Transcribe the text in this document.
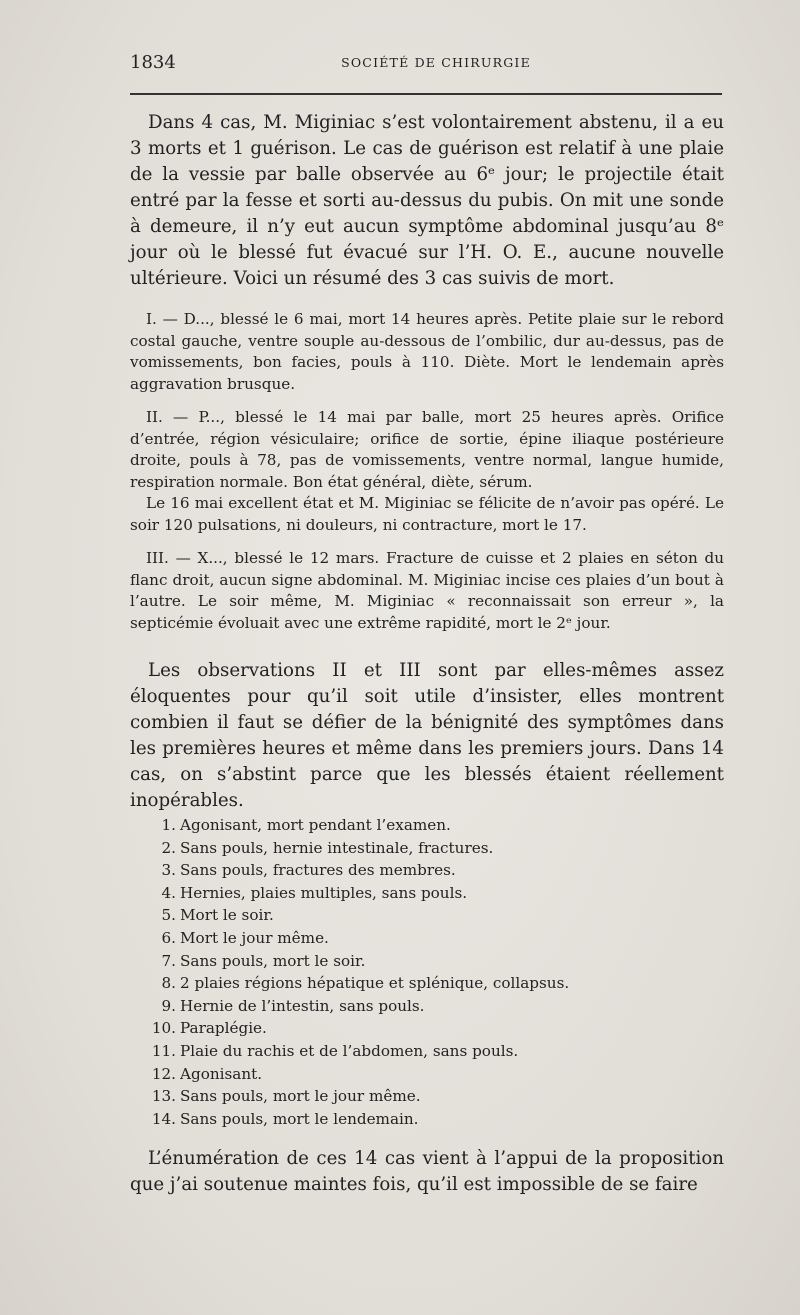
1834	SOCIÉTÉ DE CHIRURGIE

Dans 4 cas, M. Miginiac s’est volontairement abstenu, il a eu 3 morts et 1 guérison. Le cas de guérison est relatif à une plaie de la vessie par balle observée au 6ᵉ jour; le projectile était entré par la fesse et sorti au-dessus du pubis. On mit une sonde à demeure, il n’y eut aucun symptôme abdominal jusqu’au 8ᵉ jour où le blessé fut évacué sur l’H. O. E., aucune nouvelle ultérieure. Voici un résumé des 3 cas suivis de mort.

I. — D..., blessé le 6 mai, mort 14 heures après. Petite plaie sur le rebord costal gauche, ventre souple au-dessous de l’ombilic, dur au-dessus, pas de vomissements, bon facies, pouls à 110. Diète. Mort le lendemain après aggravation brusque.

II. — P..., blessé le 14 mai par balle, mort 25 heures après. Orifice d’entrée, région vésiculaire; orifice de sortie, épine iliaque postérieure droite, pouls à 78, pas de vomissements, ventre normal, langue humide, respiration normale. Bon état général, diète, sérum.

Le 16 mai excellent état et M. Miginiac se félicite de n’avoir pas opéré. Le soir 120 pulsations, ni douleurs, ni contracture, mort le 17.

III. — X..., blessé le 12 mars. Fracture de cuisse et 2 plaies en séton du flanc droit, aucun signe abdominal. M. Miginiac incise ces plaies d’un bout à l’autre. Le soir même, M. Miginiac « reconnaissait son erreur », la septicémie évoluait avec une extrême rapidité, mort le 2ᵉ jour.

Les observations II et III sont par elles-mêmes assez éloquentes pour qu’il soit utile d’insister, elles montrent combien il faut se défier de la bénignité des symptômes dans les premières heures et même dans les premiers jours. Dans 14 cas, on s’abstint parce que les blessés étaient réellement inopérables.

1. Agonisant, mort pendant l’examen.
2. Sans pouls, hernie intestinale, fractures.
3. Sans pouls, fractures des membres.
4. Hernies, plaies multiples, sans pouls.
5. Mort le soir.
6. Mort le jour même.
7. Sans pouls, mort le soir.
8. 2 plaies régions hépatique et splénique, collapsus.
9. Hernie de l’intestin, sans pouls.
10. Paraplégie.
11. Plaie du rachis et de l’abdomen, sans pouls.
12. Agonisant.
13. Sans pouls, mort le jour même.
14. Sans pouls, mort le lendemain.

L’énumération de ces 14 cas vient à l’appui de la proposition que j’ai soutenue maintes fois, qu’il est impossible de se faire
